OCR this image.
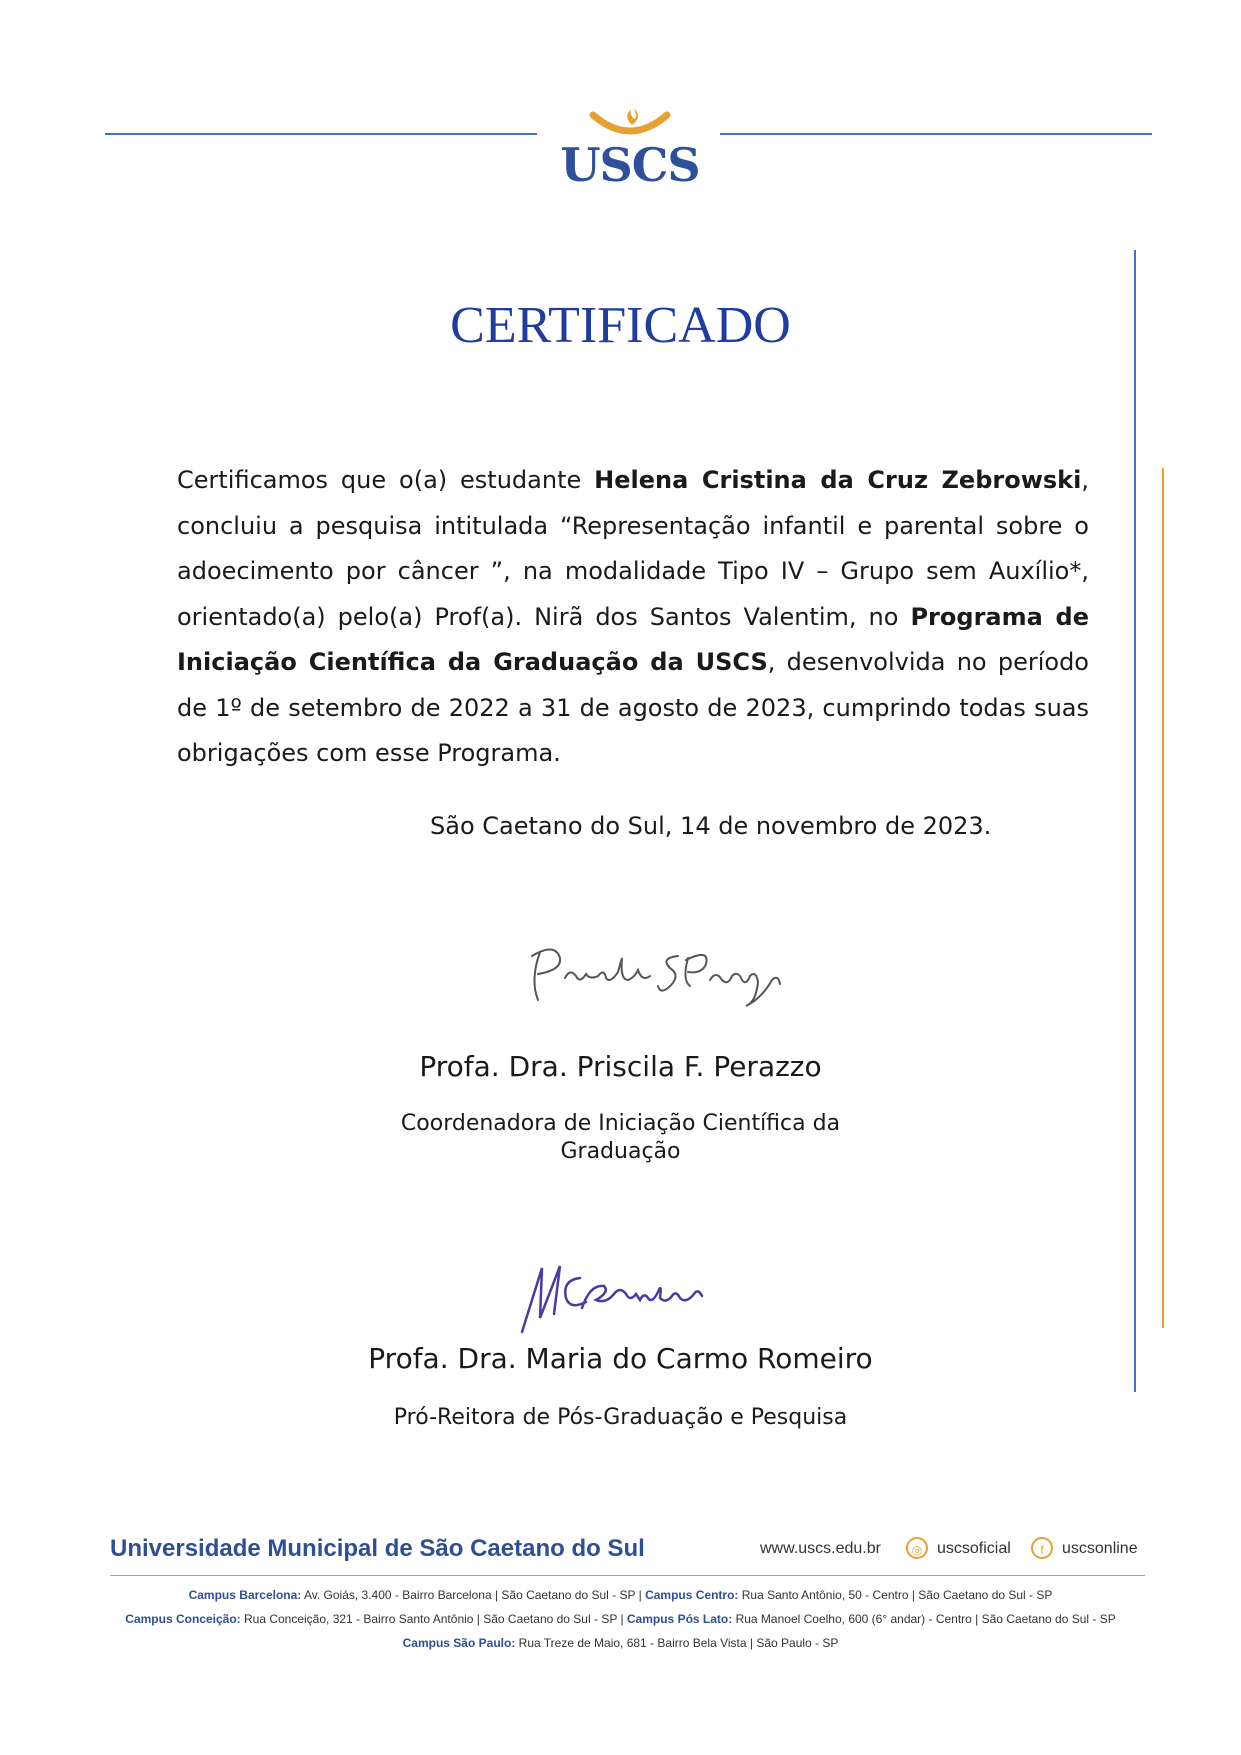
USCS
CERTIFICADO
Certificamos que o(a) estudante Helena Cristina da Cruz Zebrowski, concluiu a pesquisa intitulada “Representação infantil e parental sobre o adoecimento por câncer ”, na modalidade Tipo IV – Grupo sem Auxílio*, orientado(a) pelo(a) Prof(a). Nirã dos Santos Valentim, no Programa de Iniciação Científica da Graduação da USCS, desenvolvida no período de 1º de setembro de 2022 a 31 de agosto de 2023, cumprindo todas suas obrigações com esse Programa.
São Caetano do Sul, 14 de novembro de 2023.
Profa. Dra. Priscila F. Perazzo
Coordenadora de Iniciação Científica da
Graduação
Profa. Dra. Maria do Carmo Romeiro
Pró-Reitora de Pós-Graduação e Pesquisa
Universidade Municipal de São Caetano do Sul	www.uscs.edu.br	◎ uscsoficial	f	uscsonline
Campus Barcelona: Av. Goiás, 3.400 - Bairro Barcelona | São Caetano do Sul - SP | Campus Centro: Rua Santo Antônio, 50 - Centro | São Caetano do Sul - SP
Campus Conceição: Rua Conceição, 321 - Bairro Santo Antônio | São Caetano do Sul - SP | Campus Pós Lato: Rua Manoel Coelho, 600 (6° andar) - Centro | São Caetano do Sul - SP
Campus São Paulo: Rua Treze de Maio, 681 - Bairro Bela Vista | São Paulo - SP
